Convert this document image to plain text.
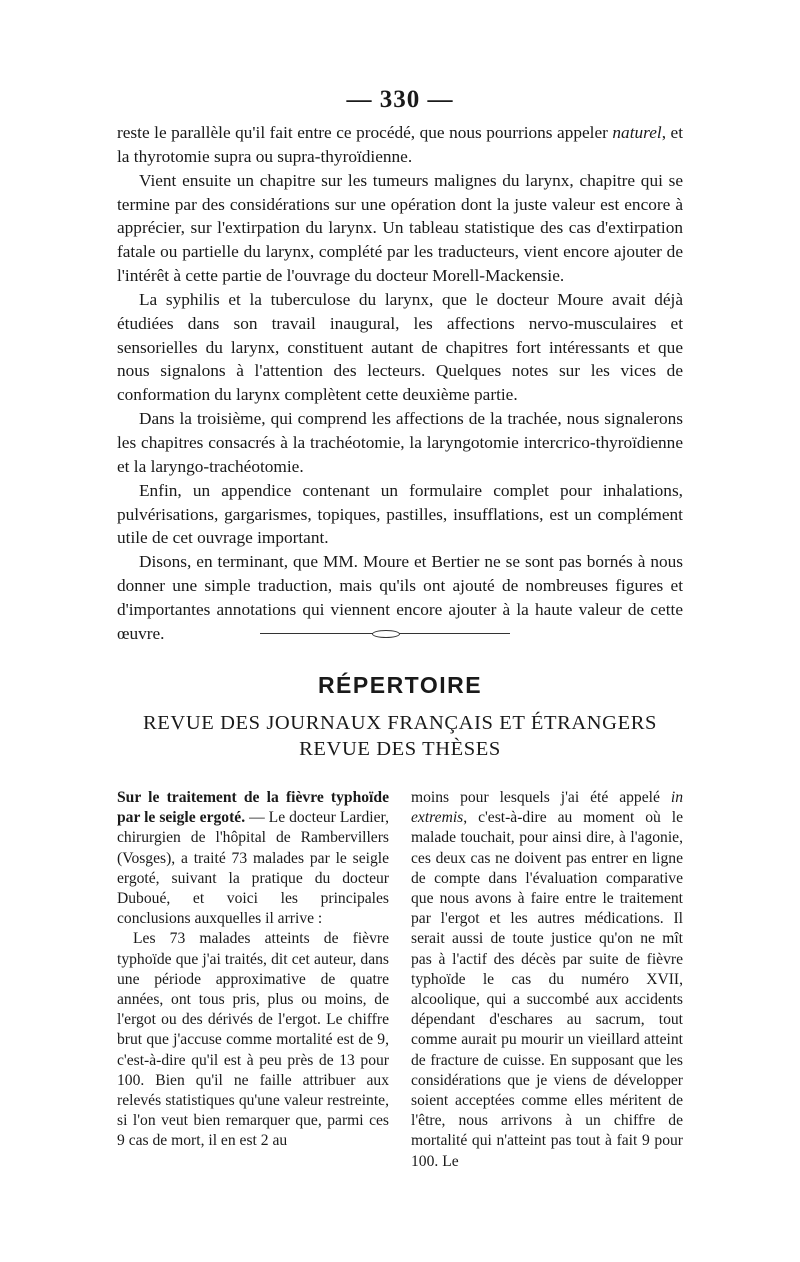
— 330 —

reste le parallèle qu'il fait entre ce procédé, que nous pourrions appeler naturel, et la thyrotomie supra ou supra-thyroïdienne.

Vient ensuite un chapitre sur les tumeurs malignes du larynx, chapitre qui se termine par des considérations sur une opération dont la juste valeur est encore à apprécier, sur l'extirpation du larynx. Un tableau statistique des cas d'extirpation fatale ou partielle du larynx, complété par les traducteurs, vient encore ajouter de l'intérêt à cette partie de l'ouvrage du docteur Morell-Mackensie.

La syphilis et la tuberculose du larynx, que le docteur Moure avait déjà étudiées dans son travail inaugural, les affections nervo-musculaires et sensorielles du larynx, constituent autant de chapitres fort intéressants et que nous signalons à l'attention des lecteurs. Quelques notes sur les vices de conformation du larynx complètent cette deuxième partie.

Dans la troisième, qui comprend les affections de la trachée, nous signalerons les chapitres consacrés à la trachéotomie, la laryngotomie intercrico-thyroïdienne et la laryngo-trachéotomie.

Enfin, un appendice contenant un formulaire complet pour inhalations, pulvérisations, gargarismes, topiques, pastilles, insufflations, est un complément utile de cet ouvrage important.

Disons, en terminant, que MM. Moure et Bertier ne se sont pas bornés à nous donner une simple traduction, mais qu'ils ont ajouté de nombreuses figures et d'importantes annotations qui viennent encore ajouter à la haute valeur de cette œuvre.

RÉPERTOIRE
REVUE DES JOURNAUX FRANÇAIS ET ÉTRANGERS
REVUE DES THÈSES

Sur le traitement de la fièvre typhoïde par le seigle ergoté. — Le docteur Lardier, chirurgien de l'hôpital de Rambervillers (Vosges), a traité 73 malades par le seigle ergoté, suivant la pratique du docteur Duboué, et voici les principales conclusions auxquelles il arrive :

Les 73 malades atteints de fièvre typhoïde que j'ai traités, dit cet auteur, dans une période approximative de quatre années, ont tous pris, plus ou moins, de l'ergot ou des dérivés de l'ergot. Le chiffre brut que j'accuse comme mortalité est de 9, c'est-à-dire qu'il est à peu près de 13 pour 100. Bien qu'il ne faille attribuer aux relevés statistiques qu'une valeur restreinte, si l'on veut bien remarquer que, parmi ces 9 cas de mort, il en est 2 au

moins pour lesquels j'ai été appelé in extremis, c'est-à-dire au moment où le malade touchait, pour ainsi dire, à l'agonie, ces deux cas ne doivent pas entrer en ligne de compte dans l'évaluation comparative que nous avons à faire entre le traitement par l'ergot et les autres médications. Il serait aussi de toute justice qu'on ne mît pas à l'actif des décès par suite de fièvre typhoïde le cas du numéro XVII, alcoolique, qui a succombé aux accidents dépendant d'eschares au sacrum, tout comme aurait pu mourir un vieillard atteint de fracture de cuisse. En supposant que les considérations que je viens de développer soient acceptées comme elles méritent de l'être, nous arrivons à un chiffre de mortalité qui n'atteint pas tout à fait 9 pour 100. Le
